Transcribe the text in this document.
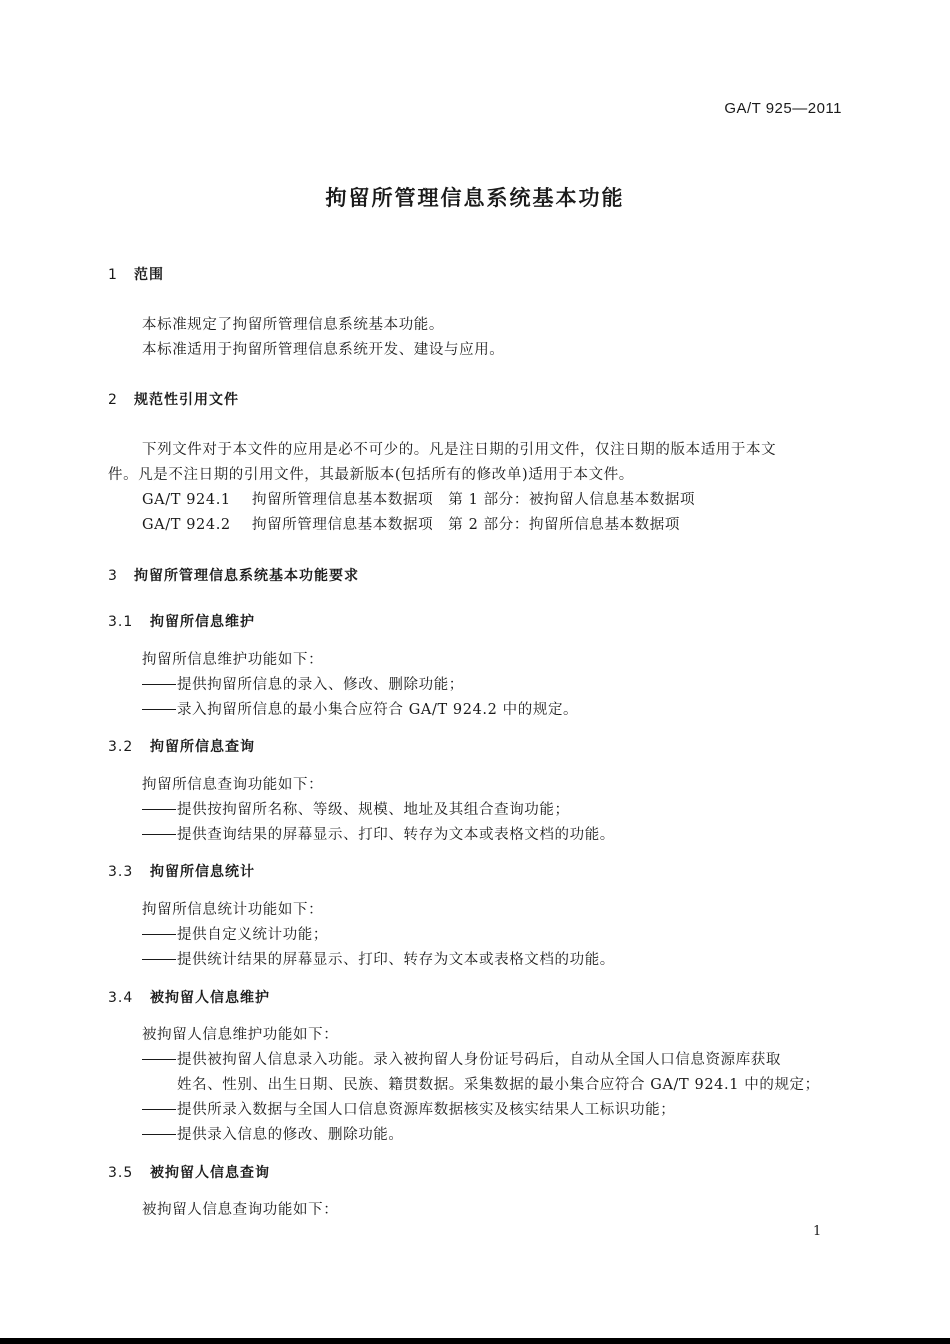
GA/T 925—2011
拘留所管理信息系统基本功能
1 范围
本标准规定了拘留所管理信息系统基本功能。
本标准适用于拘留所管理信息系统开发、建设与应用。
2 规范性引用文件
下列文件对于本文件的应用是必不可少的。凡是注日期的引用文件，仅注日期的版本适用于本文
件。凡是不注日期的引用文件，其最新版本(包括所有的修改单)适用于本文件。
GA/T 924.1 拘留所管理信息基本数据项　第 1 部分：被拘留人信息基本数据项
GA/T 924.2 拘留所管理信息基本数据项　第 2 部分：拘留所信息基本数据项
3 拘留所管理信息系统基本功能要求
3.1 拘留所信息维护
拘留所信息维护功能如下：
提供拘留所信息的录入、修改、删除功能；
录入拘留所信息的最小集合应符合 GA/T 924.2 中的规定。
3.2 拘留所信息查询
拘留所信息查询功能如下：
提供按拘留所名称、等级、规模、地址及其组合查询功能；
提供查询结果的屏幕显示、打印、转存为文本或表格文档的功能。
3.3 拘留所信息统计
拘留所信息统计功能如下：
提供自定义统计功能；
提供统计结果的屏幕显示、打印、转存为文本或表格文档的功能。
3.4 被拘留人信息维护
被拘留人信息维护功能如下：
提供被拘留人信息录入功能。录入被拘留人身份证号码后，自动从全国人口信息资源库获取
姓名、性别、出生日期、民族、籍贯数据。采集数据的最小集合应符合 GA/T 924.1 中的规定；
提供所录入数据与全国人口信息资源库数据核实及核实结果人工标识功能；
提供录入信息的修改、删除功能。
3.5 被拘留人信息查询
被拘留人信息查询功能如下：
1
